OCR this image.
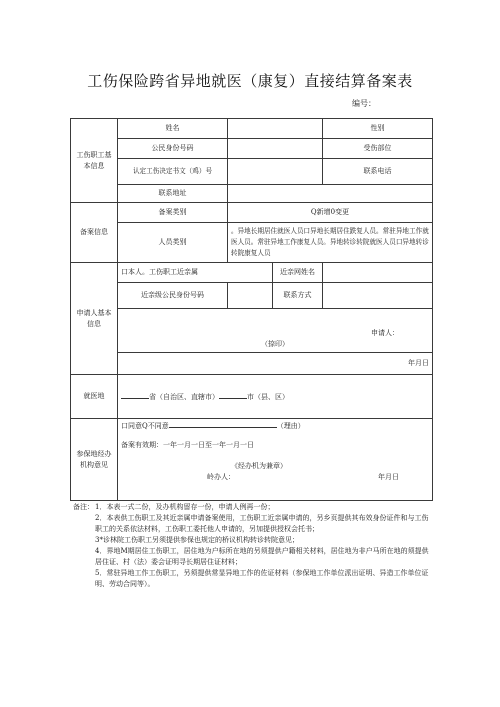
工伤保险跨省异地就医（康复）直接结算备案表
编号：
工伤职工基本信息	姓名			性别
	公民身份号码			受伤部位
	认定工伤决定书文（鸡）号			联系电话
	联系地址			
备案信息	备案类别	Q新增0变更		
	人员类别	。异地长期居住就医人员口异地长期居住跌复人员。常驻异地工作就医人员。常驻异地工作康复人员。异地转诊转院就医人员口异地转诊转院康复人员		
申请人基本信息	口本人。工伤职工近亲属		近亲网姓名	
	近亲级公民身份号码		联系方式	

	申请人：
（捺印）			

	年月日			
就医地	省（自治区、直辖市） 市（县、区）			
参保地经办机构意见	口同意Q不同意 （理由）
备案有效期：一年一月一日至一年一月一日
《经办机为兼章）
岭办人： 年月日			
备注： 1．本表一式二份，及办机构留存一份，申请人例再一份；
2．本表供工伤职工及其近亲属申请备案使用，工伤职工近亲属申请的，另乡页提供其布效身份证件和与工伤职工的关系依法材料，工伤职工委托他人申请的，另加提供授权会托书；
3*诊林院工伤职工另须提供参保也规定的桥议机构转诊转院意见；
4．界地M期居住工伤职工，居住地为户标所在地的另须提供户籍相关材料，居住地为非户马所在地的须提供居住证、村（法）委会证明寻长期居住证材料；
5．常驻异地工作工伤职工，另须提供常显异地工作的佐证材料（参保地工作单位派出证明、异造工作单位证明、劳动合同等）。
